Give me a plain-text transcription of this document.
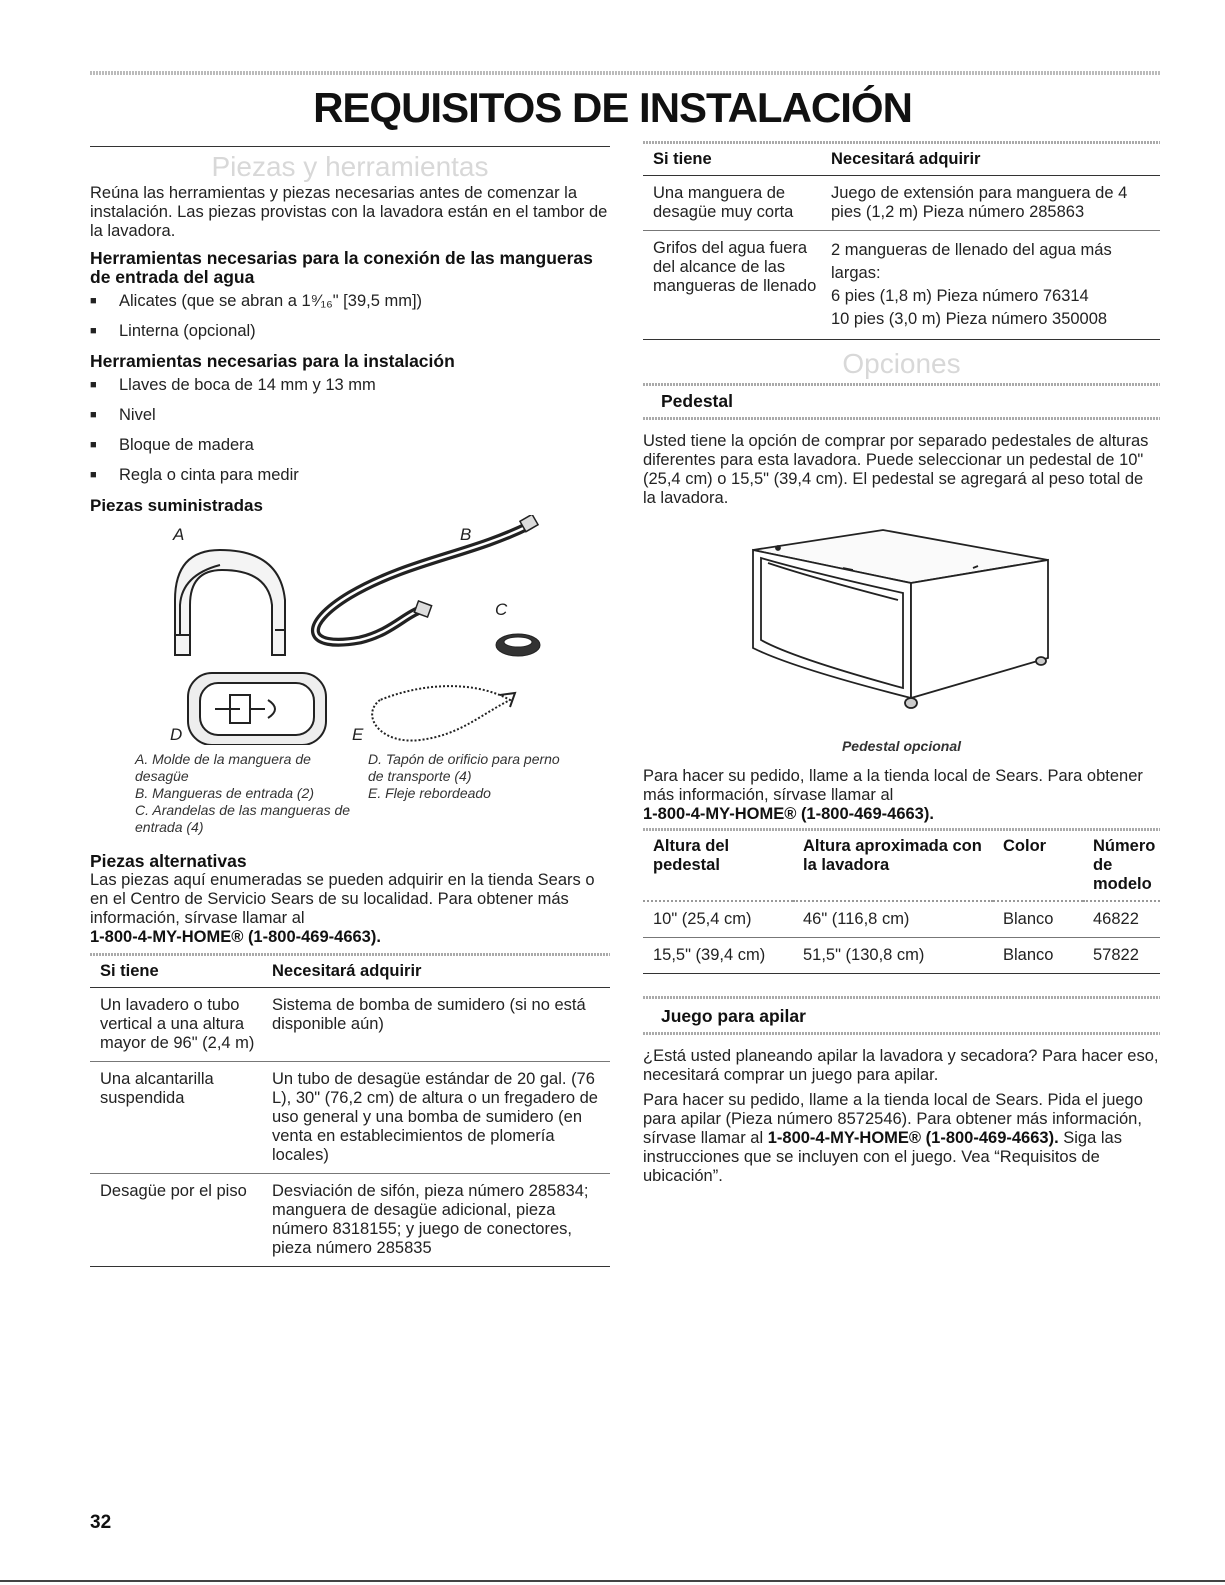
REQUISITOS DE INSTALACIÓN
Piezas y herramientas

Reúna las herramientas y piezas necesarias antes de comenzar la instalación. Las piezas provistas con la lavadora están en el tambor de la lavadora.

Herramientas necesarias para la conexión de las mangueras de entrada del agua
■ Alicates (que se abran a 1⁹⁄₁₆" [39,5 mm])
■ Linterna (opcional)
Herramientas necesarias para la instalación
■ Llaves de boca de 14 mm y 13 mm
■ Nivel
■ Bloque de madera
■ Regla o cinta para medir
Piezas suministradas
A	B
C
D	E
A. Molde de la manguera de desagüe
B. Mangueras de entrada (2)
C. Arandelas de las mangueras de entrada (4)
D. Tapón de orificio para perno de transporte (4)
E. Fleje rebordeado
Piezas alternativas

Las piezas aquí enumeradas se pueden adquirir en la tienda Sears o en el Centro de Servicio Sears de su localidad. Para obtener más información, sírvase llamar al

1-800-4-MY-HOME® (1-800-469-4663).

Si tiene	Necesitará adquirir
Un lavadero o tubo vertical a una altura mayor de 96" (2,4 m)	Sistema de bomba de sumidero (si no está disponible aún)
Una alcantarilla suspendida	Un tubo de desagüe estándar de 20 gal. (76 L), 30" (76,2 cm) de altura o un fregadero de uso general y una bomba de sumidero (en venta en establecimientos de plomería locales)
Desagüe por el piso	Desviación de sifón, pieza número 285834; manguera de desagüe adicional, pieza número 8318155; y juego de conectores, pieza número 285835
Si tiene	Necesitará adquirir
Una manguera de desagüe muy corta	Juego de extensión para manguera de 4 pies (1,2 m) Pieza número 285863
Grifos del agua fuera del alcance de las mangueras de llenado	2 mangueras de llenado del agua más largas:
6 pies (1,8 m) Pieza número 76314
10 pies (3,0 m) Pieza número 350008
Opciones
Pedestal

Usted tiene la opción de comprar por separado pedestales de alturas diferentes para esta lavadora. Puede seleccionar un pedestal de 10" (25,4 cm) o 15,5" (39,4 cm). El pedestal se agregará al peso total de la lavadora.

Pedestal opcional

Para hacer su pedido, llame a la tienda local de Sears. Para obtener más información, sírvase llamar al

1-800-4-MY-HOME® (1-800-469-4663).

Altura del pedestal	Altura aproximada con la lavadora	Color	Número de modelo
10" (25,4 cm)	46" (116,8 cm)	Blanco	46822
15,5" (39,4 cm)	51,5" (130,8 cm)	Blanco	57822
Juego para apilar

¿Está usted planeando apilar la lavadora y secadora? Para hacer eso, necesitará comprar un juego para apilar.

Para hacer su pedido, llame a la tienda local de Sears. Pida el juego para apilar (Pieza número 8572546). Para obtener más información, sírvase llamar al 1-800-4-MY-HOME® (1-800-469-4663). Siga las instrucciones que se incluyen con el juego. Vea “Requisitos de ubicación”.

32
